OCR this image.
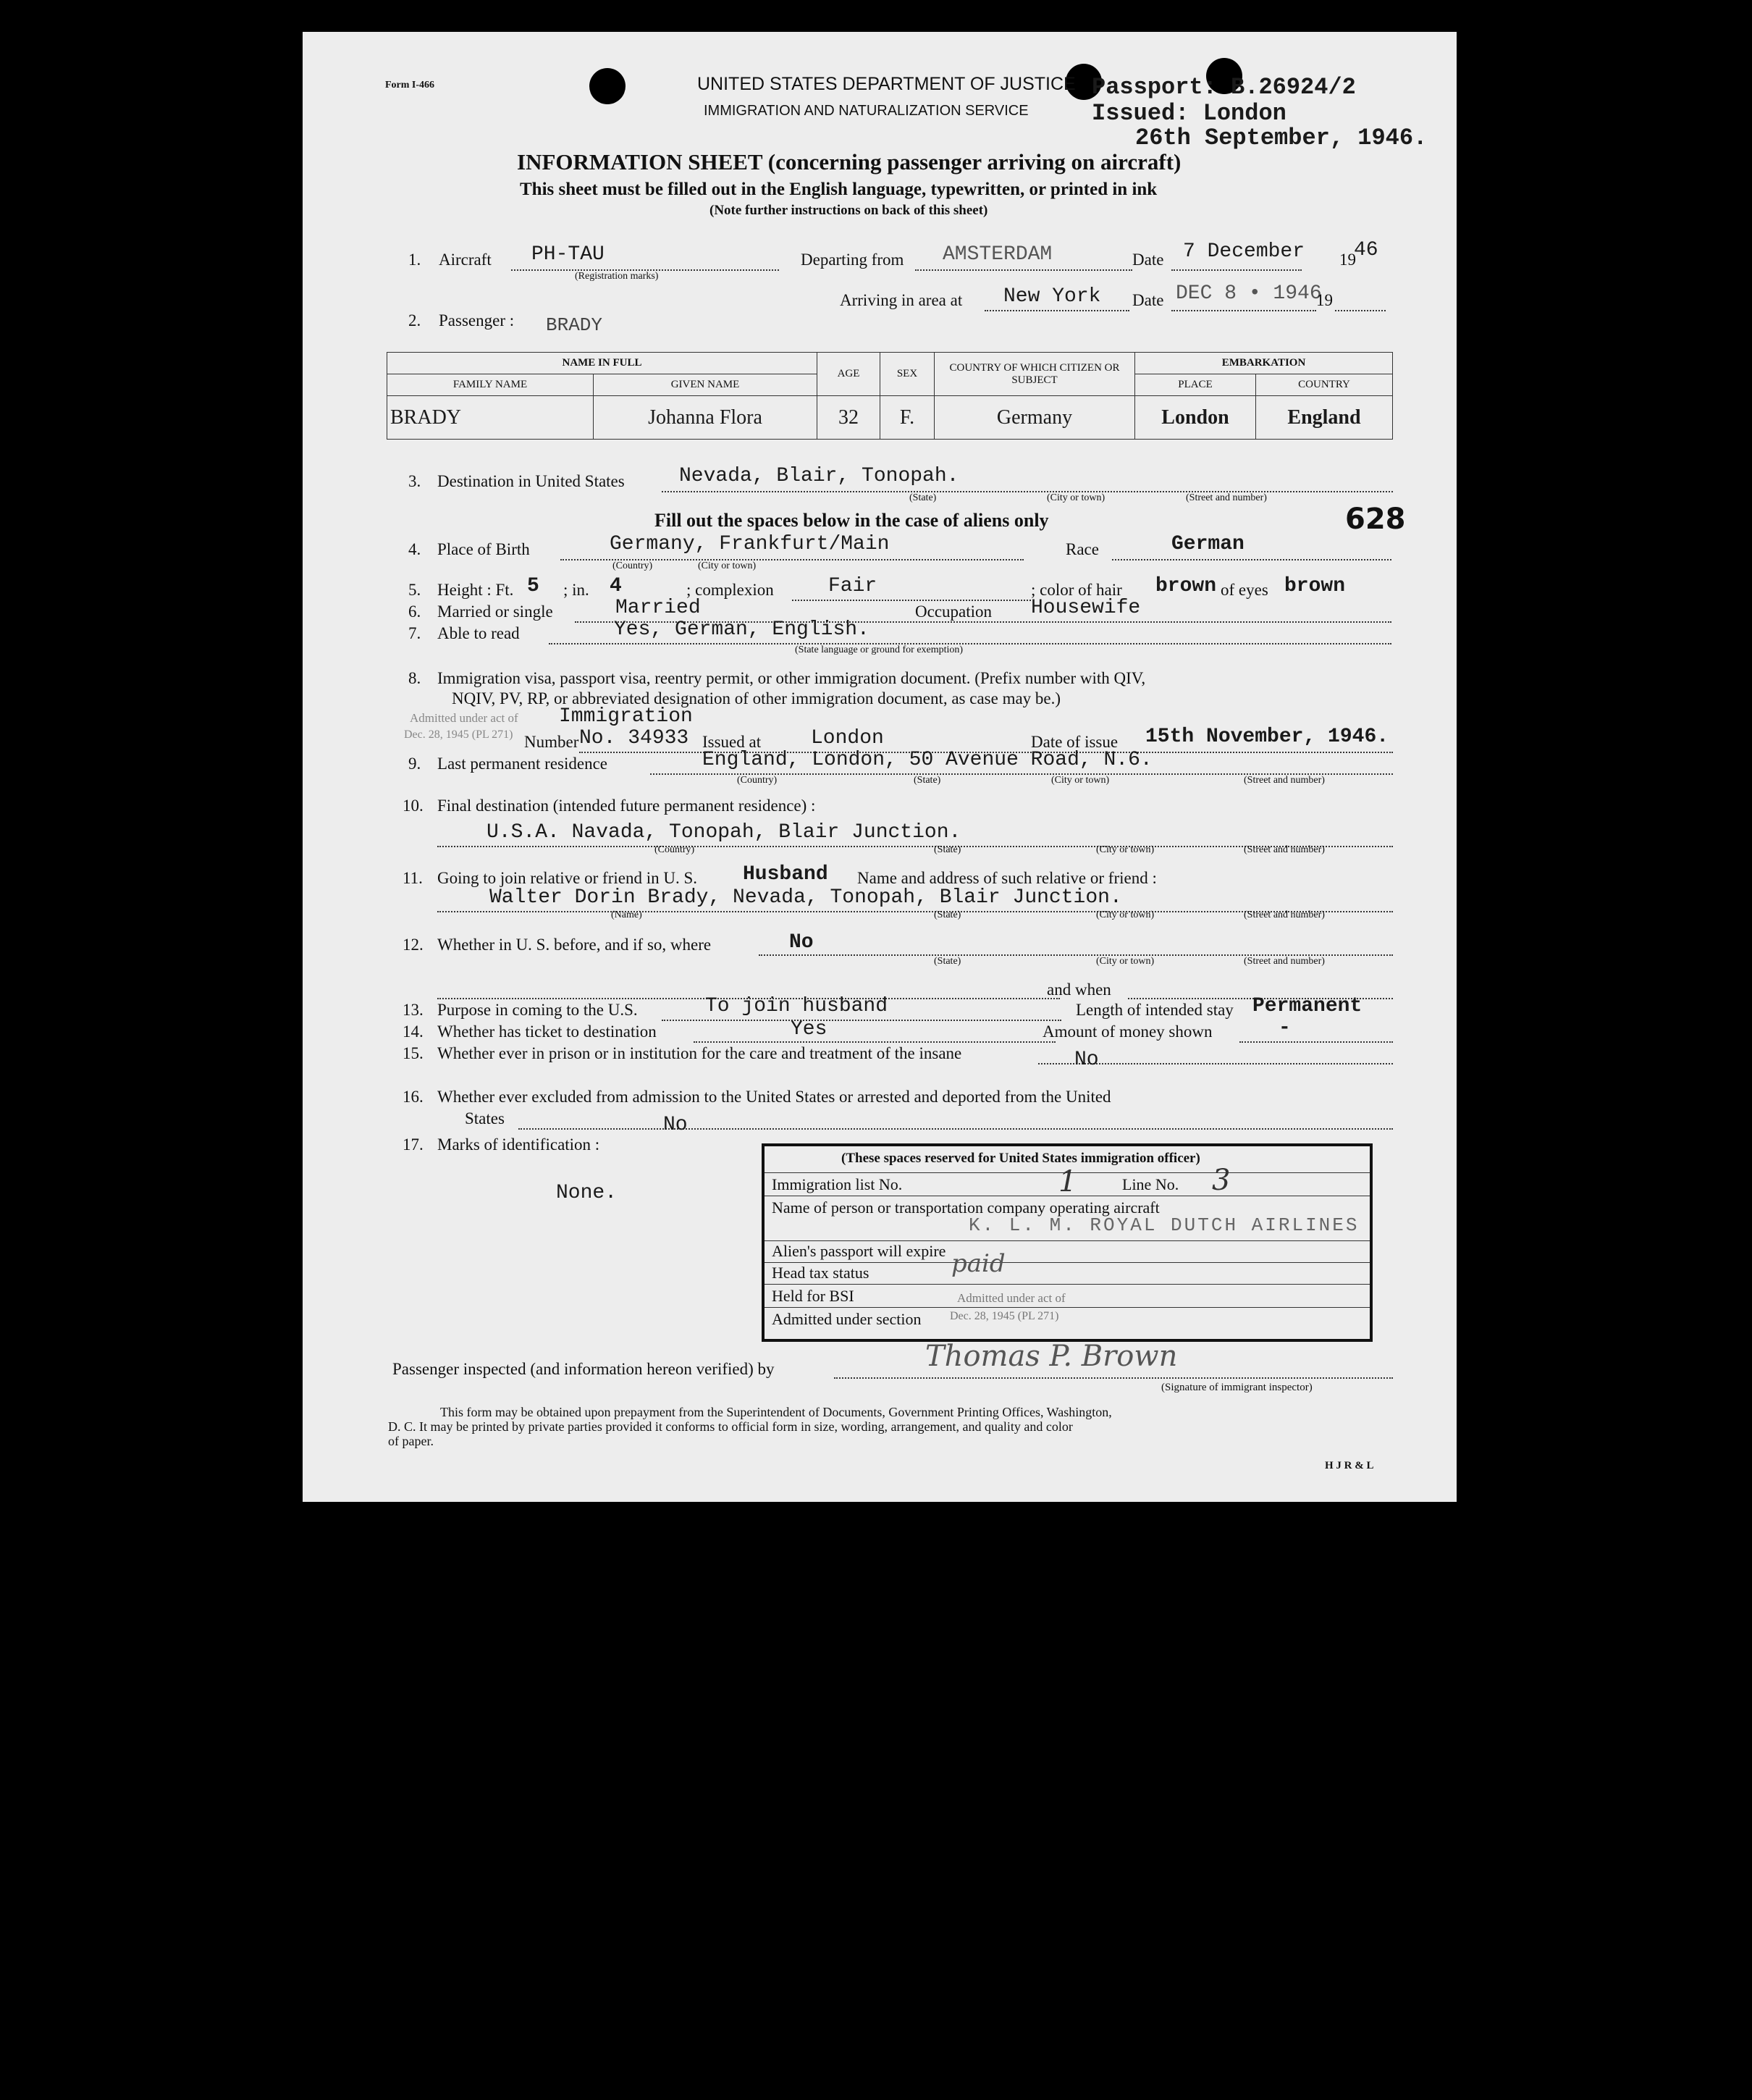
Form I-466	UNITED STATES DEPARTMENT OF JUSTICE
IMMIGRATION AND NATURALIZATION SERVICE
Passport: B.26924/2
Issued: London
26th September, 1946.
INFORMATION SHEET (concerning passenger arriving on aircraft)
This sheet must be filled out in the English language, typewritten, or printed in ink
(Note further instructions on back of this sheet)
1. Aircraft PH-TAU
(Registration marks)
Departing from AMSTERDAM	Date 7 December 19
46
Arriving in area at New York Date DEC 8 • 1946
19
2. Passenger : BRADY
NAME IN FULL		AGE	SEX	COUNTRY OF WHICH CITIZEN OR SUBJECT	EMBARKATION	
FAMILY NAME	GIVEN NAME				PLACE	COUNTRY
BRADY	Johanna Flora	32	F.	Germany	London	England
3. Destination in United States	Nevada, Blair, Tonopah.
(State)	(City or town)	(Street and number)
Fill out the spaces below in the case of aliens only	628
4. Place of Birth	Germany, Frankfurt/Main
(Country)	(City or town)
Race	German
5. Height : Ft. 5 ; in. 4	; complexion	Fair	; color of hair brown of eyes brown
6. Married or single	Married	Occupation Housewife
7. Able to read	Yes, German, English.
(State language or ground for exemption)
8. Immigration visa, passport visa, reentry permit, or other immigration document. (Prefix number with QIV,
NQIV, PV, RP, or abbreviated designation of other immigration document, as case may be.)
Admitted under act of
Dec. 28, 1945 (PL 271)
Immigration
Number No. 34933 Issued at London	Date of issue 15th November, 1946.
9. Last permanent residence	England, London, 50 Avenue Road, N.6.
(Country)	(State)	(City or town)	(Street and number)
10. Final destination (intended future permanent residence) :
U.S.A. Navada, Tonopah, Blair Junction.
(Country)	(State)	(City or town)	(Street and number)
11. Going to join relative or friend in U. S. Husband Name and address of such relative or friend :
Walter Dorin Brady, Nevada, Tonopah, Blair Junction.
(Name)	(State)	(City or town)	(Street and number)
12. Whether in U. S. before, and if so, where	No
(State)	(City or town)	(Street and number)
and when
13. Purpose in coming to the U.S.	To join husband	Length of intended stay Permanent
14. Whether has ticket to destination	Yes	Amount of money shown	-
15. Whether ever in prison or in institution for the care and treatment of the insane	No
16. Whether ever excluded from admission to the United States or arrested and deported from the United
States	No
17. Marks of identification :
None.
(These spaces reserved for United States immigration officer)
Immigration list No.	1	Line No. 3
Name of person or transportation company operating aircraft
K. L. M. ROYAL DUTCH AIRLINES
Alien's passport will expire
Head tax status	paid
Held for BSI	Admitted under act of
Admitted under section Dec. 28, 1945 (PL 271)
Passenger inspected (and information hereon verified) by	Thomas P. Brown
(Signature of immigrant inspector)
This form may be obtained upon prepayment from the Superintendent of Documents, Government Printing Offices, Washington,
D. C. It may be printed by private parties provided it conforms to official form in size, wording, arrangement, and quality and color
of paper.
H J R & L
